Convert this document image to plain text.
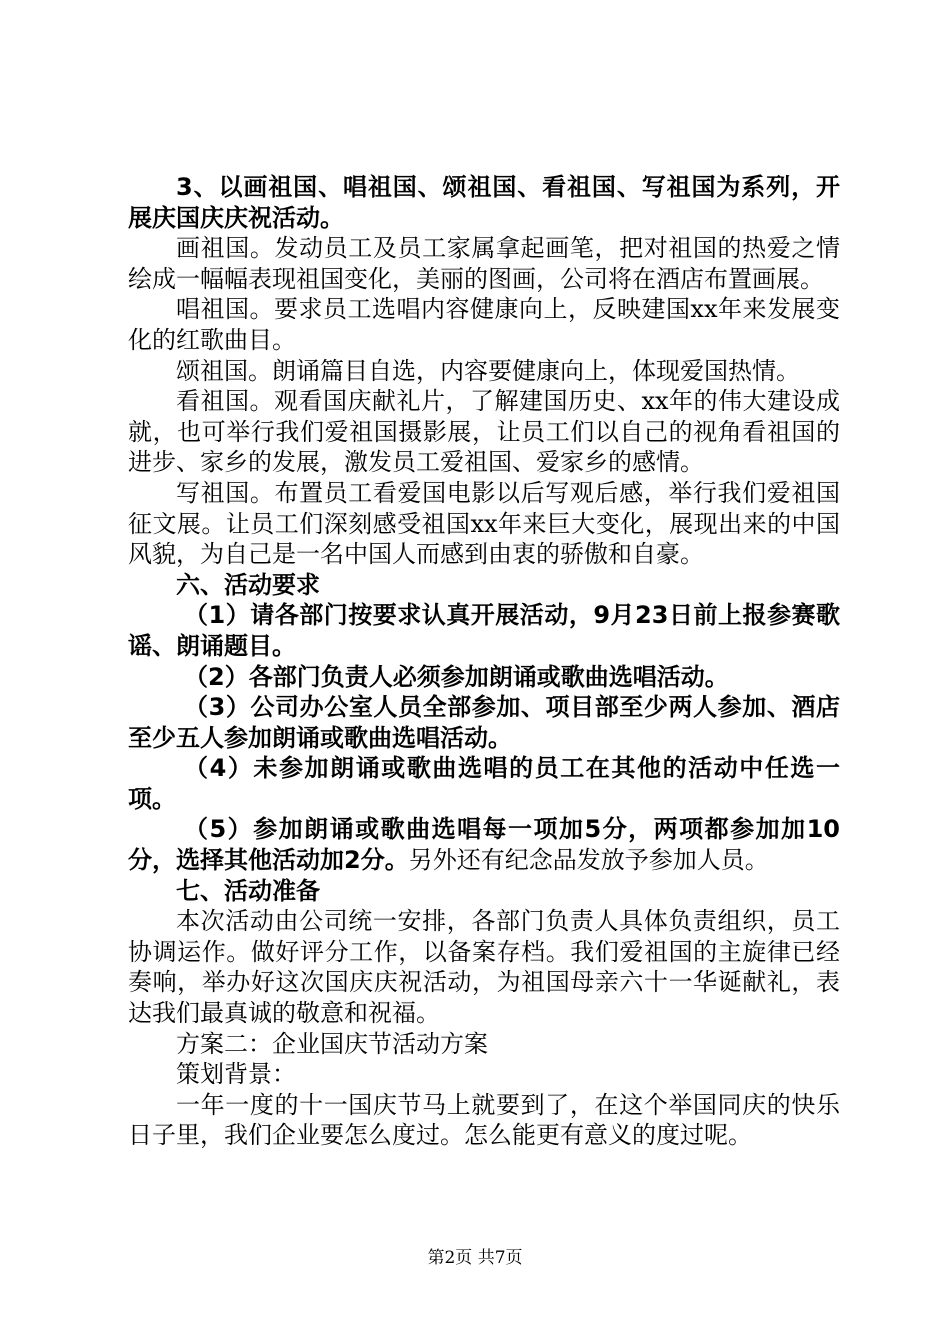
3、以画祖国、唱祖国、颂祖国、看祖国、写祖国为系列，开展庆国庆庆祝活动。

画祖国。发动员工及员工家属拿起画笔，把对祖国的热爱之情绘成一幅幅表现祖国变化，美丽的图画，公司将在酒店布置画展。

唱祖国。要求员工选唱内容健康向上，反映建国xx年来发展变化的红歌曲目。

颂祖国。朗诵篇目自选，内容要健康向上，体现爱国热情。

看祖国。观看国庆献礼片，了解建国历史、xx年的伟大建设成就，也可举行我们爱祖国摄影展，让员工们以自己的视角看祖国的进步、家乡的发展，激发员工爱祖国、爱家乡的感情。

写祖国。布置员工看爱国电影以后写观后感，举行我们爱祖国征文展。让员工们深刻感受祖国xx年来巨大变化，展现出来的中国风貌，为自己是一名中国人而感到由衷的骄傲和自豪。

六、活动要求

（1）请各部门按要求认真开展活动，9月23日前上报参赛歌谣、朗诵题目。

（2）各部门负责人必须参加朗诵或歌曲选唱活动。

（3）公司办公室人员全部参加、项目部至少两人参加、酒店至少五人参加朗诵或歌曲选唱活动。

（4）未参加朗诵或歌曲选唱的员工在其他的活动中任选一项。

（5）参加朗诵或歌曲选唱每一项加5分，两项都参加加10分，选择其他活动加2分。另外还有纪念品发放予参加人员。

七、活动准备

本次活动由公司统一安排，各部门负责人具体负责组织，员工协调运作。做好评分工作，以备案存档。我们爱祖国的主旋律已经奏响，举办好这次国庆庆祝活动，为祖国母亲六十一华诞献礼，表达我们最真诚的敬意和祝福。

方案二：企业国庆节活动方案

策划背景：

一年一度的十一国庆节马上就要到了，在这个举国同庆的快乐日子里，我们企业要怎么度过。怎么能更有意义的度过呢。

第2页 共7页
